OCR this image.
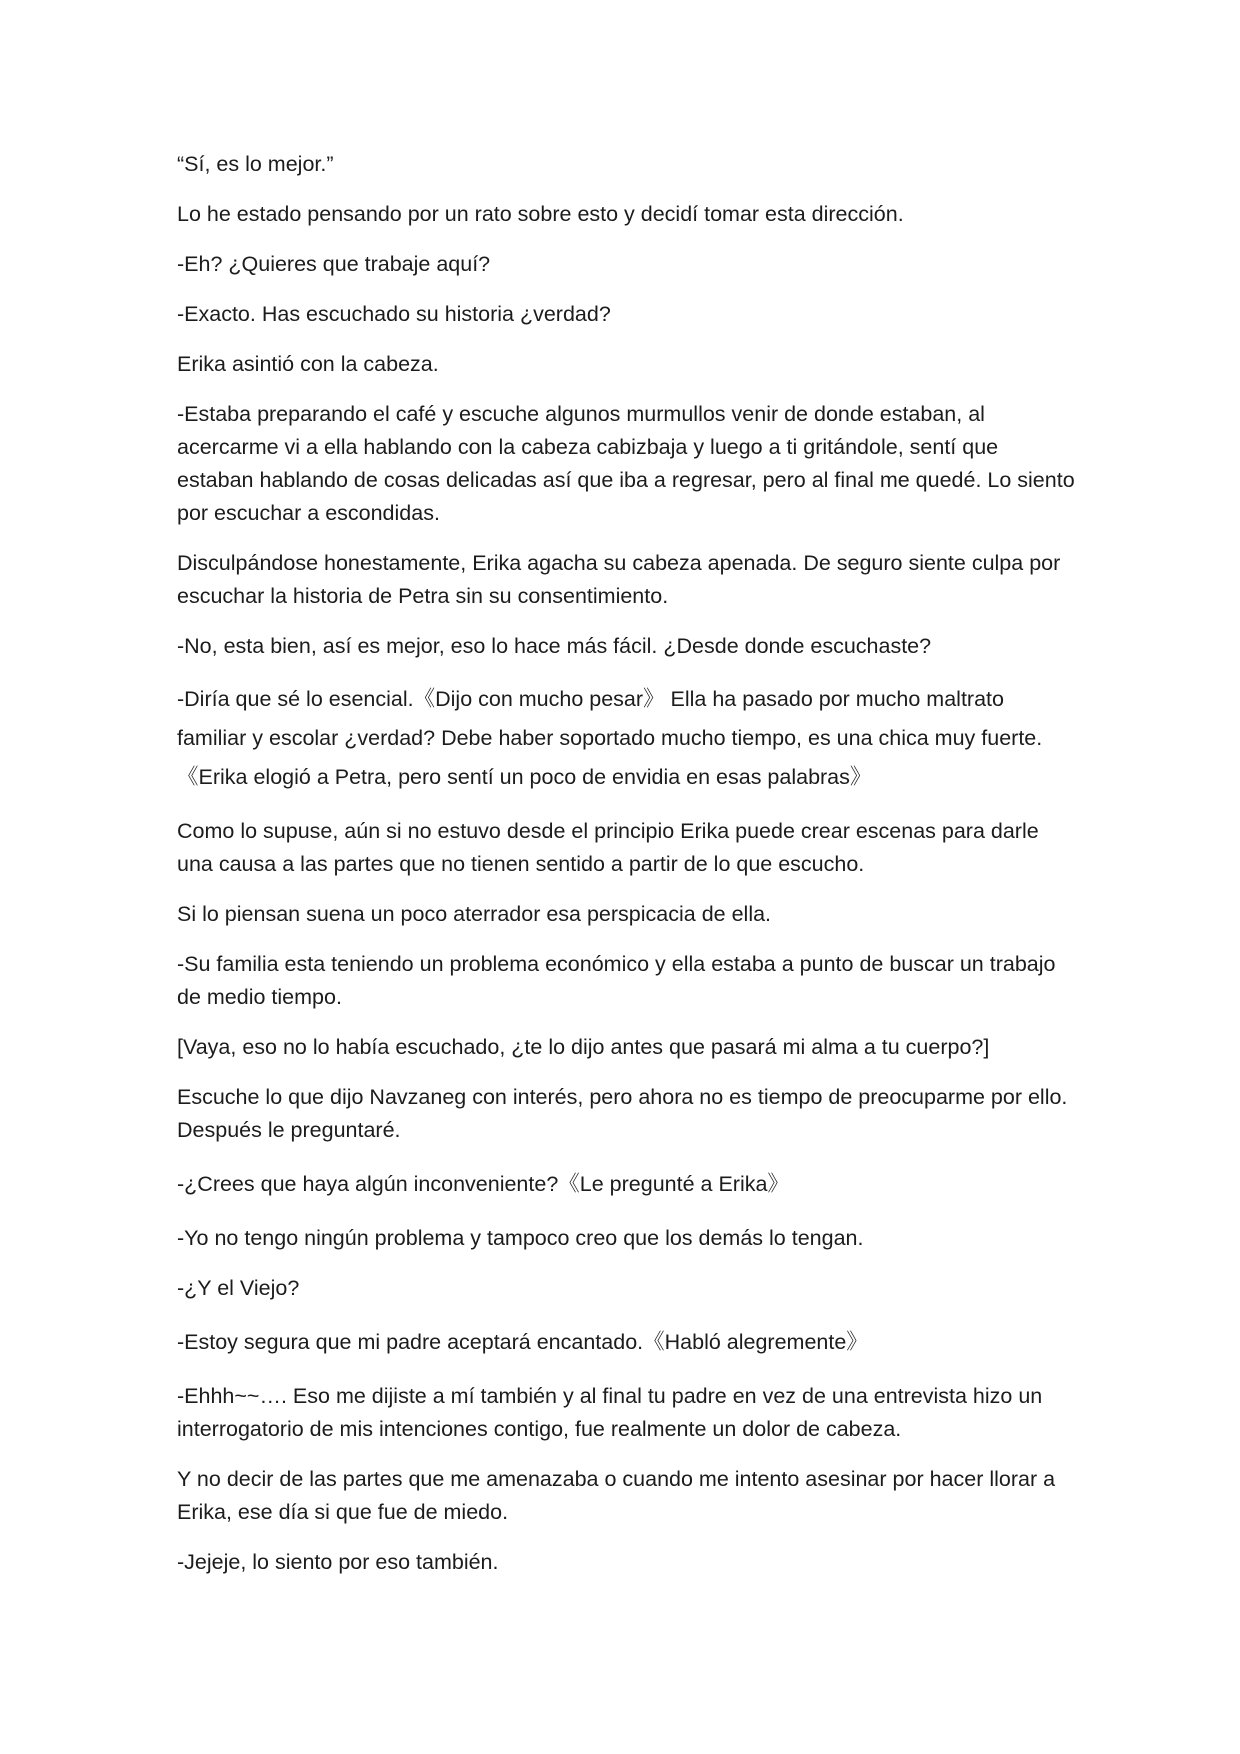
“Sí, es lo mejor.”

Lo he estado pensando por un rato sobre esto y decidí tomar esta dirección.

-Eh? ¿Quieres que trabaje aquí?

-Exacto. Has escuchado su historia ¿verdad?

Erika asintió con la cabeza.

-Estaba preparando el café y escuche algunos murmullos venir de donde estaban, al acercarme vi a ella hablando con la cabeza cabizbaja y luego a ti gritándole, sentí que estaban hablando de cosas delicadas así que iba a regresar, pero al final me quedé. Lo siento por escuchar a escondidas.

Disculpándose honestamente, Erika agacha su cabeza apenada. De seguro siente culpa por escuchar la historia de Petra sin su consentimiento.

-No, esta bien, así es mejor, eso lo hace más fácil. ¿Desde donde escuchaste?

-Diría que sé lo esencial.《Dijo con mucho pesar》 Ella ha pasado por mucho maltrato familiar y escolar ¿verdad? Debe haber soportado mucho tiempo, es una chica muy fuerte.《Erika elogió a Petra, pero sentí un poco de envidia en esas palabras》

Como lo supuse, aún si no estuvo desde el principio Erika puede crear escenas para darle una causa a las partes que no tienen sentido a partir de lo que escucho.

Si lo piensan suena un poco aterrador esa perspicacia de ella.

-Su familia esta teniendo un problema económico y ella estaba a punto de buscar un trabajo de medio tiempo.

[Vaya, eso no lo había escuchado, ¿te lo dijo antes que pasará mi alma a tu cuerpo?]

Escuche lo que dijo Navzaneg con interés, pero ahora no es tiempo de preocuparme por ello. Después le preguntaré.

-¿Crees que haya algún inconveniente?《Le pregunté a Erika》

-Yo no tengo ningún problema y tampoco creo que los demás lo tengan.

-¿Y el Viejo?

-Estoy segura que mi padre aceptará encantado.《Habló alegremente》

-Ehhh~~…. Eso me dijiste a mí también y al final tu padre en vez de una entrevista hizo un interrogatorio de mis intenciones contigo, fue realmente un dolor de cabeza.

Y no decir de las partes que me amenazaba o cuando me intento asesinar por hacer llorar a Erika, ese día si que fue de miedo.

-Jejeje, lo siento por eso también.
